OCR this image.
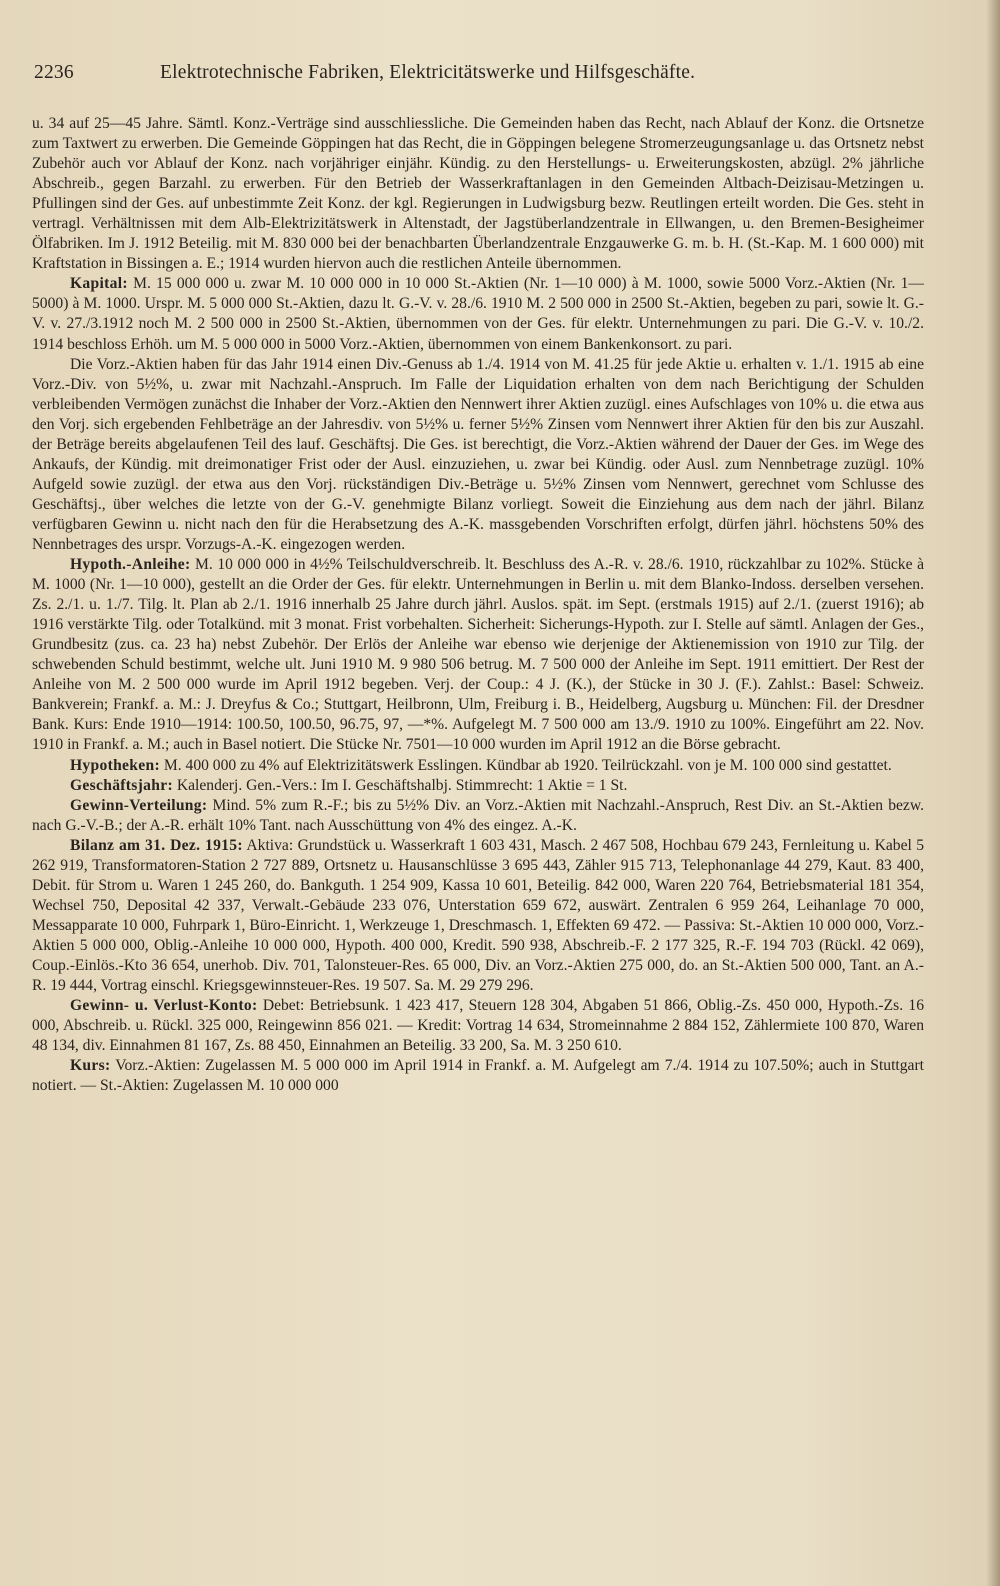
2236	Elektrotechnische Fabriken, Elektricitätswerke und Hilfsgeschäfte.

u. 34 auf 25—45 Jahre. Sämtl. Konz.-Verträge sind ausschliessliche. Die Gemeinden haben das Recht, nach Ablauf der Konz. die Ortsnetze zum Taxtwert zu erwerben. Die Gemeinde Göppingen hat das Recht, die in Göppingen belegene Stromerzeugungsanlage u. das Ortsnetz nebst Zubehör auch vor Ablauf der Konz. nach vorjähriger einjähr. Kündig. zu den Herstellungs- u. Erweiterungskosten, abzügl. 2% jährliche Abschreib., gegen Barzahl. zu erwerben. Für den Betrieb der Wasserkraftanlagen in den Gemeinden Altbach-Deizisau-Metzingen u. Pfullingen sind der Ges. auf unbestimmte Zeit Konz. der kgl. Regierungen in Ludwigsburg bezw. Reutlingen erteilt worden. Die Ges. steht in vertragl. Verhältnissen mit dem Alb-Elektrizitätswerk in Altenstadt, der Jagstüberlandzentrale in Ellwangen, u. den Bremen-Besigheimer Ölfabriken. Im J. 1912 Beteilig. mit M. 830 000 bei der benachbarten Überlandzentrale Enzgauwerke G. m. b. H. (St.-Kap. M. 1 600 000) mit Kraftstation in Bissingen a. E.; 1914 wurden hiervon auch die restlichen Anteile übernommen.

Kapital: M. 15 000 000 u. zwar M. 10 000 000 in 10 000 St.-Aktien (Nr. 1—10 000) à M. 1000, sowie 5000 Vorz.-Aktien (Nr. 1—5000) à M. 1000. Urspr. M. 5 000 000 St.-Aktien, dazu lt. G.-V. v. 28./6. 1910 M. 2 500 000 in 2500 St.-Aktien, begeben zu pari, sowie lt. G.-V. v. 27./3.1912 noch M. 2 500 000 in 2500 St.-Aktien, übernommen von der Ges. für elektr. Unternehmungen zu pari. Die G.-V. v. 10./2. 1914 beschloss Erhöh. um M. 5 000 000 in 5000 Vorz.-Aktien, übernommen von einem Bankenkonsort. zu pari.

Die Vorz.-Aktien haben für das Jahr 1914 einen Div.-Genuss ab 1./4. 1914 von M. 41.25 für jede Aktie u. erhalten v. 1./1. 1915 ab eine Vorz.-Div. von 5½%, u. zwar mit Nachzahl.-Anspruch. Im Falle der Liquidation erhalten von dem nach Berichtigung der Schulden verbleibenden Vermögen zunächst die Inhaber der Vorz.-Aktien den Nennwert ihrer Aktien zuzügl. eines Aufschlages von 10% u. die etwa aus den Vorj. sich ergebenden Fehlbeträge an der Jahresdiv. von 5½% u. ferner 5½% Zinsen vom Nennwert ihrer Aktien für den bis zur Auszahl. der Beträge bereits abgelaufenen Teil des lauf. Geschäftsj. Die Ges. ist berechtigt, die Vorz.-Aktien während der Dauer der Ges. im Wege des Ankaufs, der Kündig. mit dreimonatiger Frist oder der Ausl. einzuziehen, u. zwar bei Kündig. oder Ausl. zum Nennbetrage zuzügl. 10% Aufgeld sowie zuzügl. der etwa aus den Vorj. rückständigen Div.-Beträge u. 5½% Zinsen vom Nennwert, gerechnet vom Schlusse des Geschäftsj., über welches die letzte von der G.-V. genehmigte Bilanz vorliegt. Soweit die Einziehung aus dem nach der jährl. Bilanz verfügbaren Gewinn u. nicht nach den für die Herabsetzung des A.-K. massgebenden Vorschriften erfolgt, dürfen jährl. höchstens 50% des Nennbetrages des urspr. Vorzugs-A.-K. eingezogen werden.

Hypoth.-Anleihe: M. 10 000 000 in 4½% Teilschuldverschreib. lt. Beschluss des A.-R. v. 28./6. 1910, rückzahlbar zu 102%. Stücke à M. 1000 (Nr. 1—10 000), gestellt an die Order der Ges. für elektr. Unternehmungen in Berlin u. mit dem Blanko-Indoss. derselben versehen. Zs. 2./1. u. 1./7. Tilg. lt. Plan ab 2./1. 1916 innerhalb 25 Jahre durch jährl. Auslos. spät. im Sept. (erstmals 1915) auf 2./1. (zuerst 1916); ab 1916 verstärkte Tilg. oder Totalkünd. mit 3 monat. Frist vorbehalten. Sicherheit: Sicherungs-Hypoth. zur I. Stelle auf sämtl. Anlagen der Ges., Grundbesitz (zus. ca. 23 ha) nebst Zubehör. Der Erlös der Anleihe war ebenso wie derjenige der Aktienemission von 1910 zur Tilg. der schwebenden Schuld bestimmt, welche ult. Juni 1910 M. 9 980 506 betrug. M. 7 500 000 der Anleihe im Sept. 1911 emittiert. Der Rest der Anleihe von M. 2 500 000 wurde im April 1912 begeben. Verj. der Coup.: 4 J. (K.), der Stücke in 30 J. (F.). Zahlst.: Basel: Schweiz. Bankverein; Frankf. a. M.: J. Dreyfus & Co.; Stuttgart, Heilbronn, Ulm, Freiburg i. B., Heidelberg, Augsburg u. München: Fil. der Dresdner Bank. Kurs: Ende 1910—1914: 100.50, 100.50, 96.75, 97, —*%. Aufgelegt M. 7 500 000 am 13./9. 1910 zu 100%. Eingeführt am 22. Nov. 1910 in Frankf. a. M.; auch in Basel notiert. Die Stücke Nr. 7501—10 000 wurden im April 1912 an die Börse gebracht.

Hypotheken: M. 400 000 zu 4% auf Elektrizitätswerk Esslingen. Kündbar ab 1920. Teilrückzahl. von je M. 100 000 sind gestattet.

Geschäftsjahr: Kalenderj. Gen.-Vers.: Im I. Geschäftshalbj. Stimmrecht: 1 Aktie = 1 St.

Gewinn-Verteilung: Mind. 5% zum R.-F.; bis zu 5½% Div. an Vorz.-Aktien mit Nachzahl.-Anspruch, Rest Div. an St.-Aktien bezw. nach G.-V.-B.; der A.-R. erhält 10% Tant. nach Ausschüttung von 4% des eingez. A.-K.

Bilanz am 31. Dez. 1915: Aktiva: Grundstück u. Wasserkraft 1 603 431, Masch. 2 467 508, Hochbau 679 243, Fernleitung u. Kabel 5 262 919, Transformatoren-Station 2 727 889, Ortsnetz u. Hausanschlüsse 3 695 443, Zähler 915 713, Telephonanlage 44 279, Kaut. 83 400, Debit. für Strom u. Waren 1 245 260, do. Bankguth. 1 254 909, Kassa 10 601, Beteilig. 842 000, Waren 220 764, Betriebsmaterial 181 354, Wechsel 750, Deposital 42 337, Verwalt.-Gebäude 233 076, Unterstation 659 672, auswärt. Zentralen 6 959 264, Leihanlage 70 000, Messapparate 10 000, Fuhrpark 1, Büro-Einricht. 1, Werkzeuge 1, Dreschmasch. 1, Effekten 69 472. — Passiva: St.-Aktien 10 000 000, Vorz.-Aktien 5 000 000, Oblig.-Anleihe 10 000 000, Hypoth. 400 000, Kredit. 590 938, Abschreib.-F. 2 177 325, R.-F. 194 703 (Rückl. 42 069), Coup.-Einlös.-Kto 36 654, unerhob. Div. 701, Talonsteuer-Res. 65 000, Div. an Vorz.-Aktien 275 000, do. an St.-Aktien 500 000, Tant. an A.-R. 19 444, Vortrag einschl. Kriegsgewinnsteuer-Res. 19 507. Sa. M. 29 279 296.

Gewinn- u. Verlust-Konto: Debet: Betriebsunk. 1 423 417, Steuern 128 304, Abgaben 51 866, Oblig.-Zs. 450 000, Hypoth.-Zs. 16 000, Abschreib. u. Rückl. 325 000, Reingewinn 856 021. — Kredit: Vortrag 14 634, Stromeinnahme 2 884 152, Zählermiete 100 870, Waren 48 134, div. Einnahmen 81 167, Zs. 88 450, Einnahmen an Beteilig. 33 200, Sa. M. 3 250 610.

Kurs: Vorz.-Aktien: Zugelassen M. 5 000 000 im April 1914 in Frankf. a. M. Aufgelegt am 7./4. 1914 zu 107.50%; auch in Stuttgart notiert. — St.-Aktien: Zugelassen M. 10 000 000
